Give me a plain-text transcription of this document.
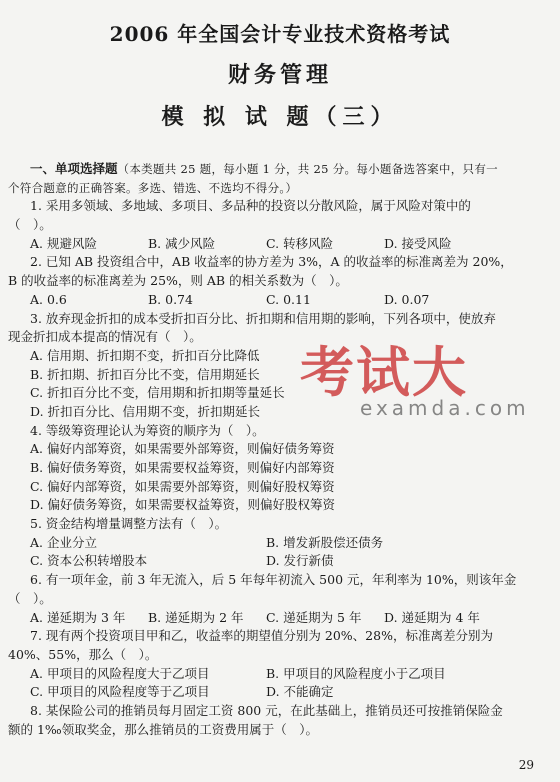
2006 年全国会计专业技术资格考试
财务管理
模 拟 试 题（三）
一、单项选择题（本类题共 25 题，每小题 1 分，共 25 分。每小题备选答案中，只有一
个符合题意的正确答案。多选、错选、不选均不得分。）
1. 采用多领域、多地域、多项目、多品种的投资以分散风险，属于风险对策中的
（　）。
A. 规避风险	B. 减少风险	C. 转移风险	D. 接受风险
2. 已知 AB 投资组合中，AB 收益率的协方差为 3%，A 的收益率的标准离差为 20%，
B 的收益率的标准离差为 25%，则 AB 的相关系数为（　）。
A. 0.6	B. 0.74	C. 0.11	D. 0.07
3. 放弃现金折扣的成本受折扣百分比、折扣期和信用期的影响，下列各项中，使放弃
现金折扣成本提高的情况有（　）。
A. 信用期、折扣期不变，折扣百分比降低
B. 折扣期、折扣百分比不变，信用期延长
C. 折扣百分比不变，信用期和折扣期等量延长
D. 折扣百分比、信用期不变，折扣期延长
4. 等级筹资理论认为筹资的顺序为（　）。
A. 偏好内部筹资，如果需要外部筹资，则偏好债务筹资
B. 偏好债务筹资，如果需要权益筹资，则偏好内部筹资
C. 偏好内部筹资，如果需要外部筹资，则偏好股权筹资
D. 偏好债务筹资，如果需要权益筹资，则偏好股权筹资
5. 资金结构增量调整方法有（　）。
A. 企业分立	B. 增发新股偿还债务
C. 资本公积转增股本	D. 发行新债
6. 有一项年金，前 3 年无流入，后 5 年每年初流入 500 元，年利率为 10%，则该年金
（　）。
A. 递延期为 3 年	B. 递延期为 2 年	C. 递延期为 5 年	D. 递延期为 4 年
7. 现有两个投资项目甲和乙，收益率的期望值分别为 20%、28%，标准离差分别为
40%、55%，那么（　）。
A. 甲项目的风险程度大于乙项目	B. 甲项目的风险程度小于乙项目
C. 甲项目的风险程度等于乙项目	D. 不能确定
8. 某保险公司的推销员每月固定工资 800 元，在此基础上，推销员还可按推销保险金
额的 1‰领取奖金，那么推销员的工资费用属于（　）。
考试大
examda.com
29
